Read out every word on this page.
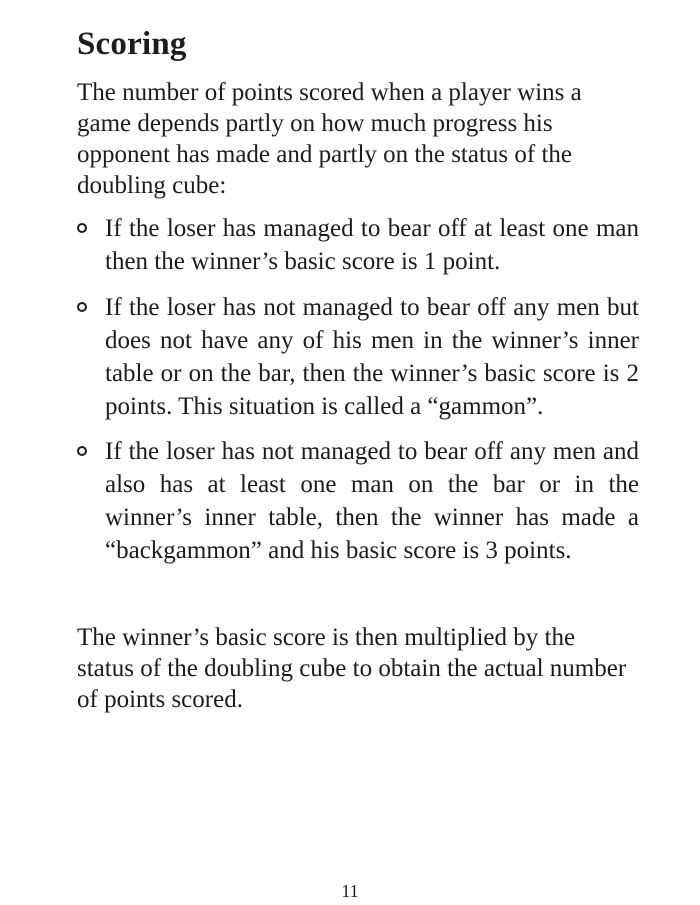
Scoring

The number of points scored when a player wins a game depends partly on how much progress his opponent has made and partly on the status of the doubling cube:

If the loser has managed to bear off at least one man then the winner’s basic score is 1 point.
If the loser has not managed to bear off any men but does not have any of his men in the winner’s inner table or on the bar, then the winner’s basic score is 2 points. This situation is called a “gammon”.
If the loser has not managed to bear off any men and also has at least one man on the bar or in the winner’s inner table, then the winner has made a “backgammon” and his basic score is 3 points.

The winner’s basic score is then multiplied by the status of the doubling cube to obtain the actual number of points scored.

11
